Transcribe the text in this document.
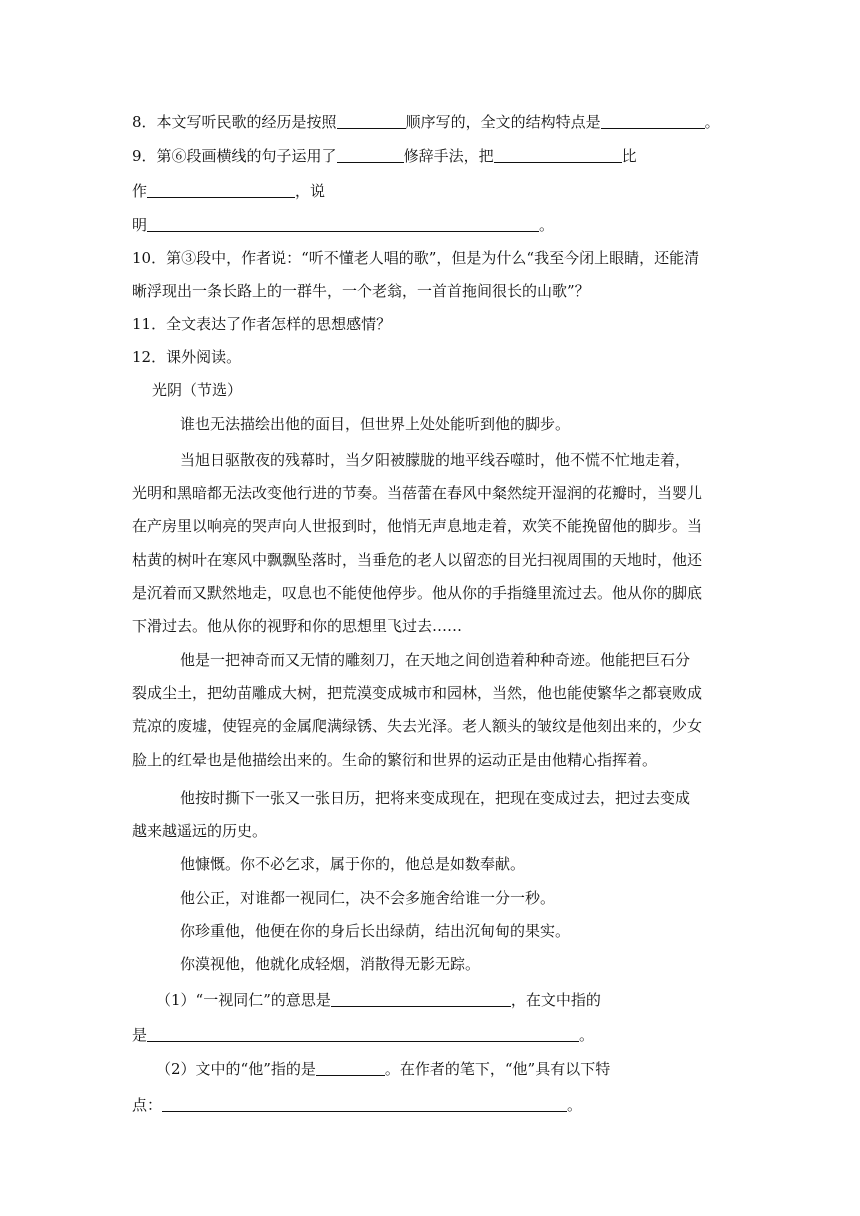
8．本文写听民歌的经历是按照	顺序写的，全文的结构特点是	。
9．第⑥段画横线的句子运用了	修辞手法，把	比
作	，说
明	。
10．第③段中，作者说：“听不懂老人唱的歌”，但是为什么“我至今闭上眼睛，还能清
晰浮现出一条长路上的一群牛，一个老翁，一首首拖间很长的山歌”？
11．全文表达了作者怎样的思想感情？
12．课外阅读。
光阴（节选）
谁也无法描绘出他的面目，但世界上处处能听到他的脚步。
当旭日驱散夜的残幕时，当夕阳被朦胧的地平线吞噬时，他不慌不忙地走着，
光明和黑暗都无法改变他行进的节奏。当蓓蕾在春风中粲然绽开湿润的花瓣时，当婴儿
在产房里以响亮的哭声向人世报到时，他悄无声息地走着，欢笑不能挽留他的脚步。当
枯黄的树叶在寒风中飘飘坠落时，当垂危的老人以留恋的目光扫视周围的天地时，他还
是沉着而又默然地走，叹息也不能使他停步。他从你的手指缝里流过去。他从你的脚底
下滑过去。他从你的视野和你的思想里飞过去……
他是一把神奇而又无情的雕刻刀，在天地之间创造着种种奇迹。他能把巨石分
裂成尘土，把幼苗雕成大树，把荒漠变成城市和园林，当然，他也能使繁华之都衰败成
荒凉的废墟，使锃亮的金属爬满绿锈、失去光泽。老人额头的皱纹是他刻出来的，少女
脸上的红晕也是他描绘出来的。生命的繁衍和世界的运动正是由他精心指挥着。
他按时撕下一张又一张日历，把将来变成现在，把现在变成过去，把过去变成
越来越遥远的历史。
他慷慨。你不必乞求，属于你的，他总是如数奉献。
他公正，对谁都一视同仁，决不会多施舍给谁一分一秒。
你珍重他，他便在你的身后长出绿荫，结出沉甸甸的果实。
你漠视他，他就化成轻烟，消散得无影无踪。
（1）“一视同仁”的意思是	，在文中指的
是	。
（2）文中的“他”指的是	。在作者的笔下，“他”具有以下特
点：	。
